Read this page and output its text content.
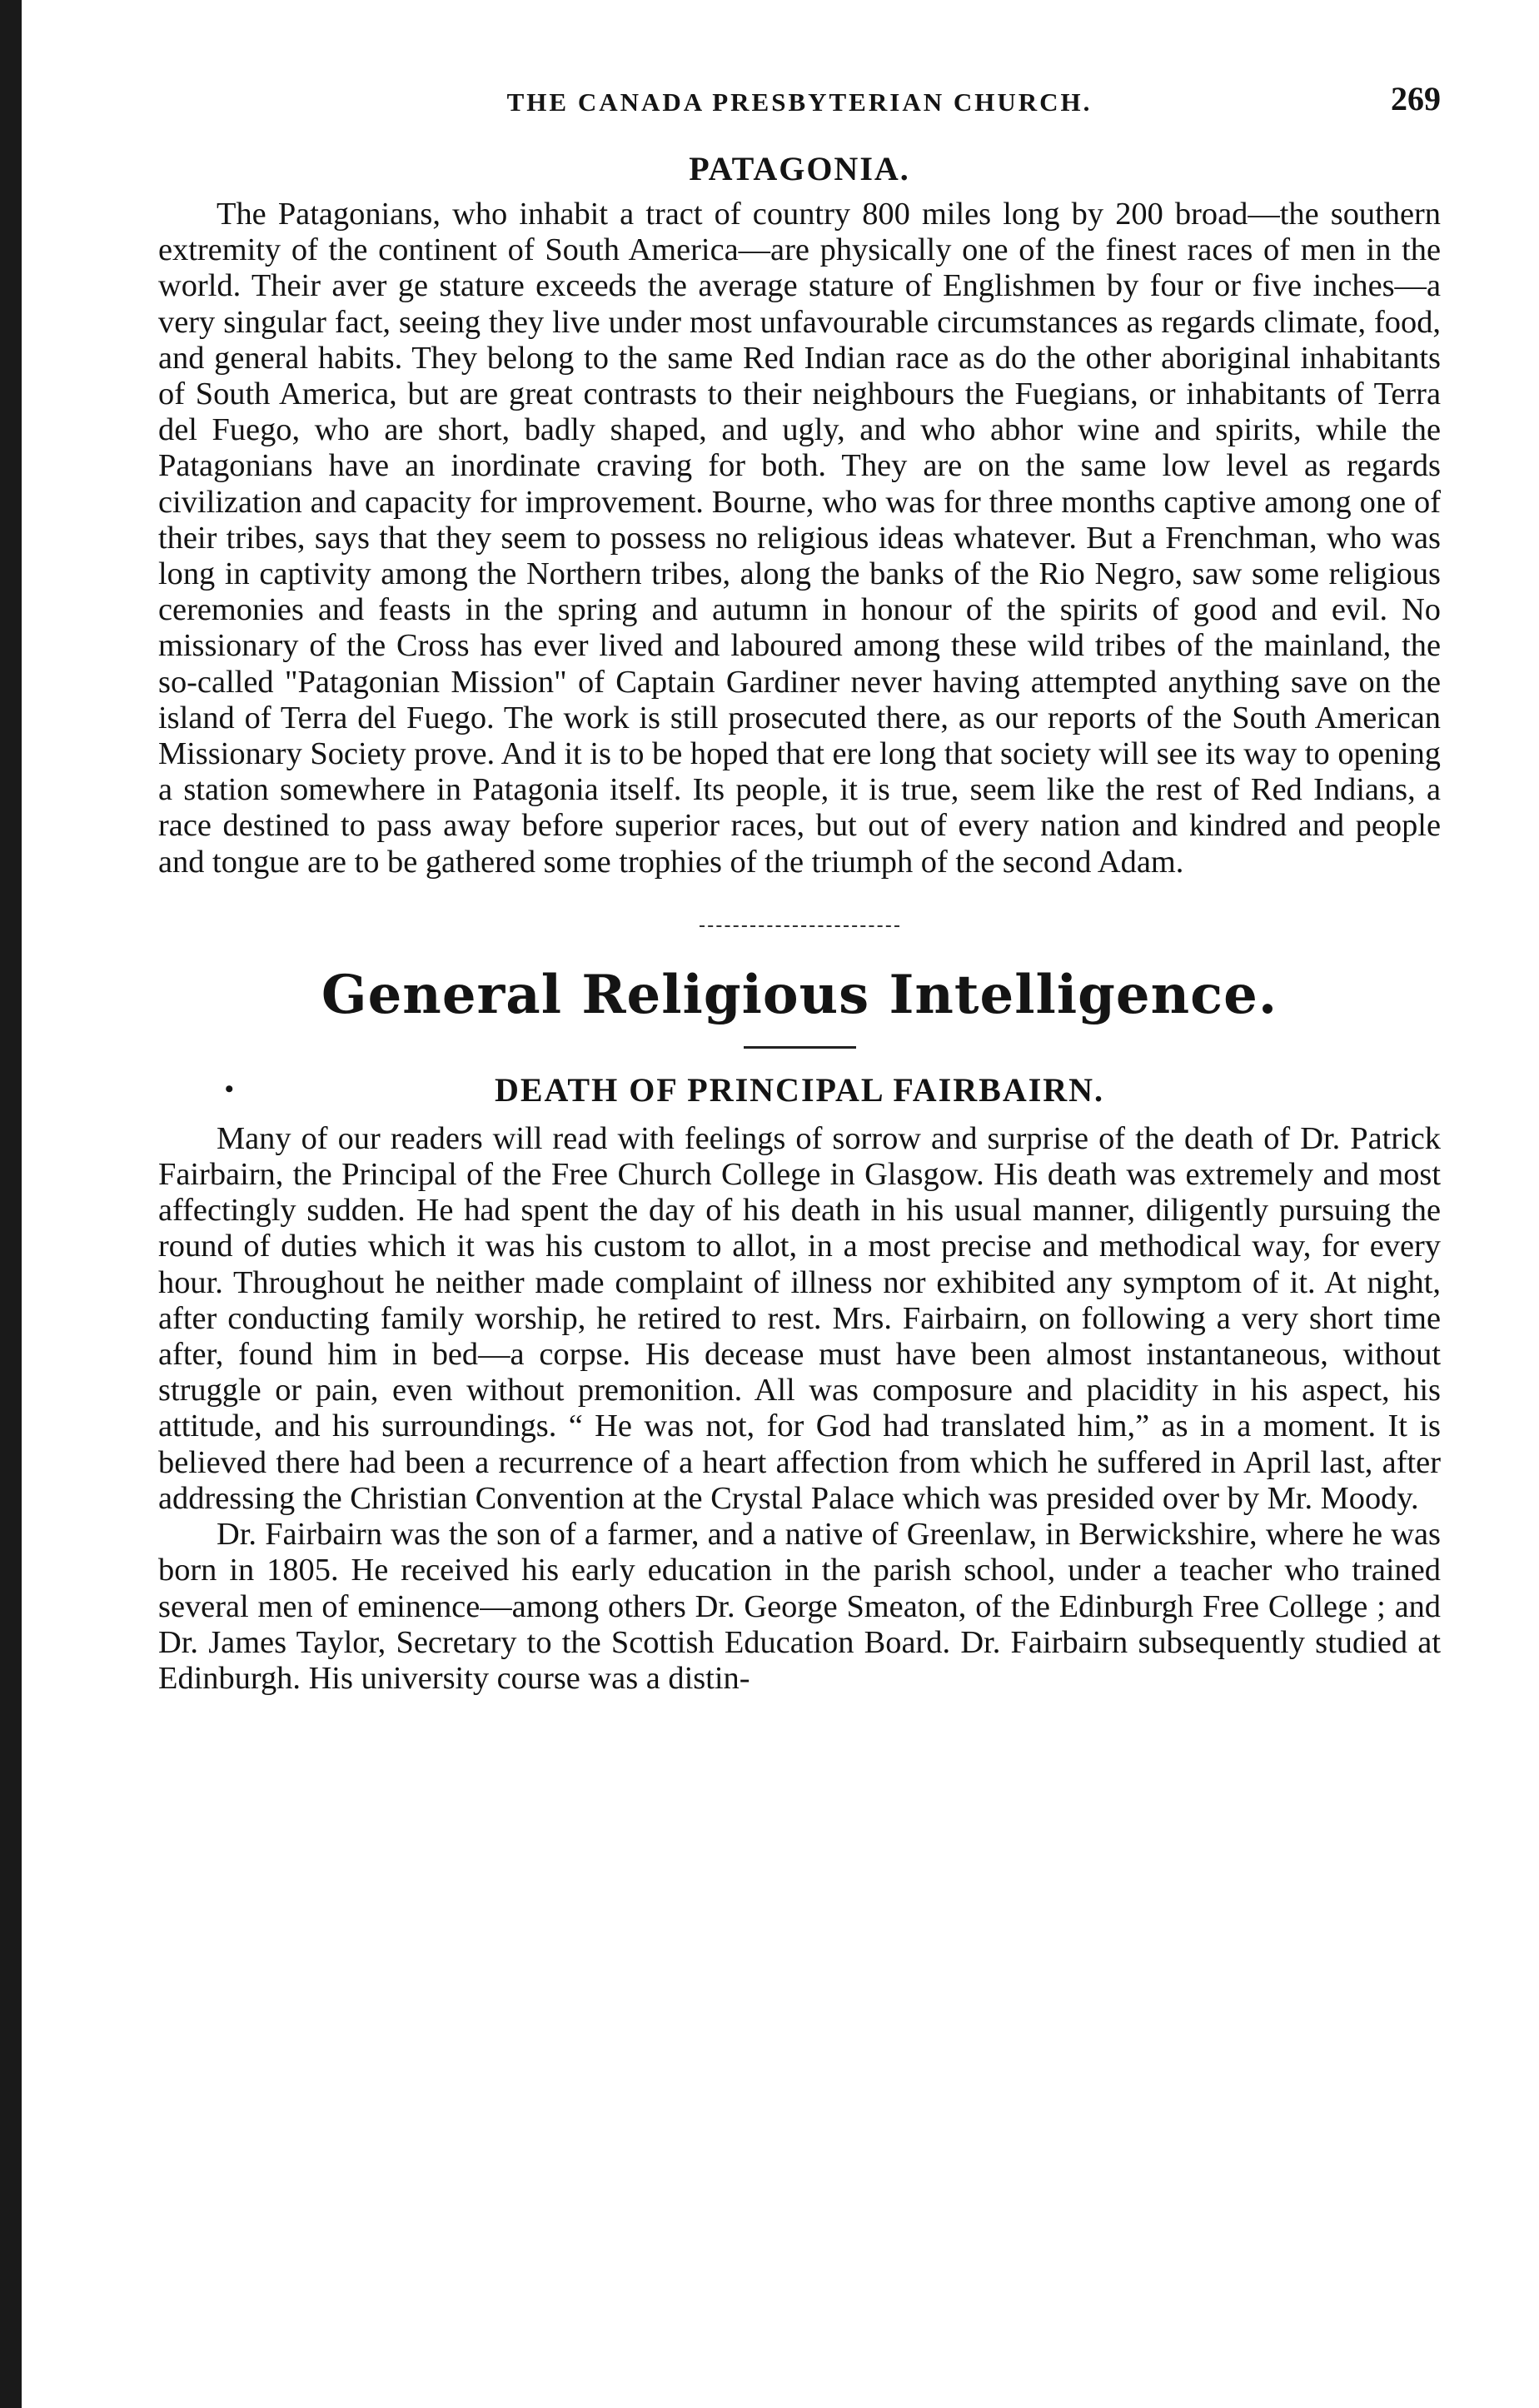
THE CANADA PRESBYTERIAN CHURCH.	269
PATAGONIA.

The Patagonians, who inhabit a tract of country 800 miles long by 200 broad—the southern extremity of the continent of South America—are physically one of the finest races of men in the world. Their aver ge stature exceeds the average stature of Englishmen by four or five inches—a very singular fact, seeing they live under most unfavourable circumstances as regards climate, food, and general habits. They belong to the same Red Indian race as do the other aboriginal inhabitants of South America, but are great contrasts to their neighbours the Fuegians, or inhabitants of Terra del Fuego, who are short, badly shaped, and ugly, and who abhor wine and spirits, while the Patagonians have an inordinate craving for both. They are on the same low level as regards civilization and capacity for improvement. Bourne, who was for three months captive among one of their tribes, says that they seem to possess no religious ideas whatever. But a Frenchman, who was long in captivity among the Northern tribes, along the banks of the Rio Negro, saw some religious ceremonies and feasts in the spring and autumn in honour of the spirits of good and evil. No missionary of the Cross has ever lived and laboured among these wild tribes of the mainland, the so-called "Patagonian Mission" of Captain Gardiner never having attempted anything save on the island of Terra del Fuego. The work is still prosecuted there, as our reports of the South American Missionary Society prove. And it is to be hoped that ere long that society will see its way to opening a station somewhere in Patagonia itself. Its people, it is true, seem like the rest of Red Indians, a race destined to pass away before superior races, but out of every nation and kindred and people and tongue are to be gathered some trophies of the triumph of the second Adam.

General Religious Intelligence.
•	DEATH OF PRINCIPAL FAIRBAIRN.

Many of our readers will read with feelings of sorrow and surprise of the death of Dr. Patrick Fairbairn, the Principal of the Free Church College in Glasgow. His death was extremely and most affectingly sudden. He had spent the day of his death in his usual manner, diligently pursuing the round of duties which it was his custom to allot, in a most precise and methodical way, for every hour. Throughout he neither made complaint of illness nor exhibited any symptom of it. At night, after conducting family worship, he retired to rest. Mrs. Fairbairn, on following a very short time after, found him in bed—a corpse. His decease must have been almost instantaneous, without struggle or pain, even without premonition. All was composure and placidity in his aspect, his attitude, and his surroundings. “ He was not, for God had translated him,” as in a moment. It is believed there had been a recurrence of a heart affection from which he suffered in April last, after addressing the Christian Convention at the Crystal Palace which was presided over by Mr. Moody.

Dr. Fairbairn was the son of a farmer, and a native of Greenlaw, in Berwickshire, where he was born in 1805. He received his early education in the parish school, under a teacher who trained several men of eminence—among others Dr. George Smeaton, of the Edinburgh Free College ; and Dr. James Taylor, Secretary to the Scottish Education Board. Dr. Fairbairn subsequently studied at Edinburgh. His university course was a distin-
